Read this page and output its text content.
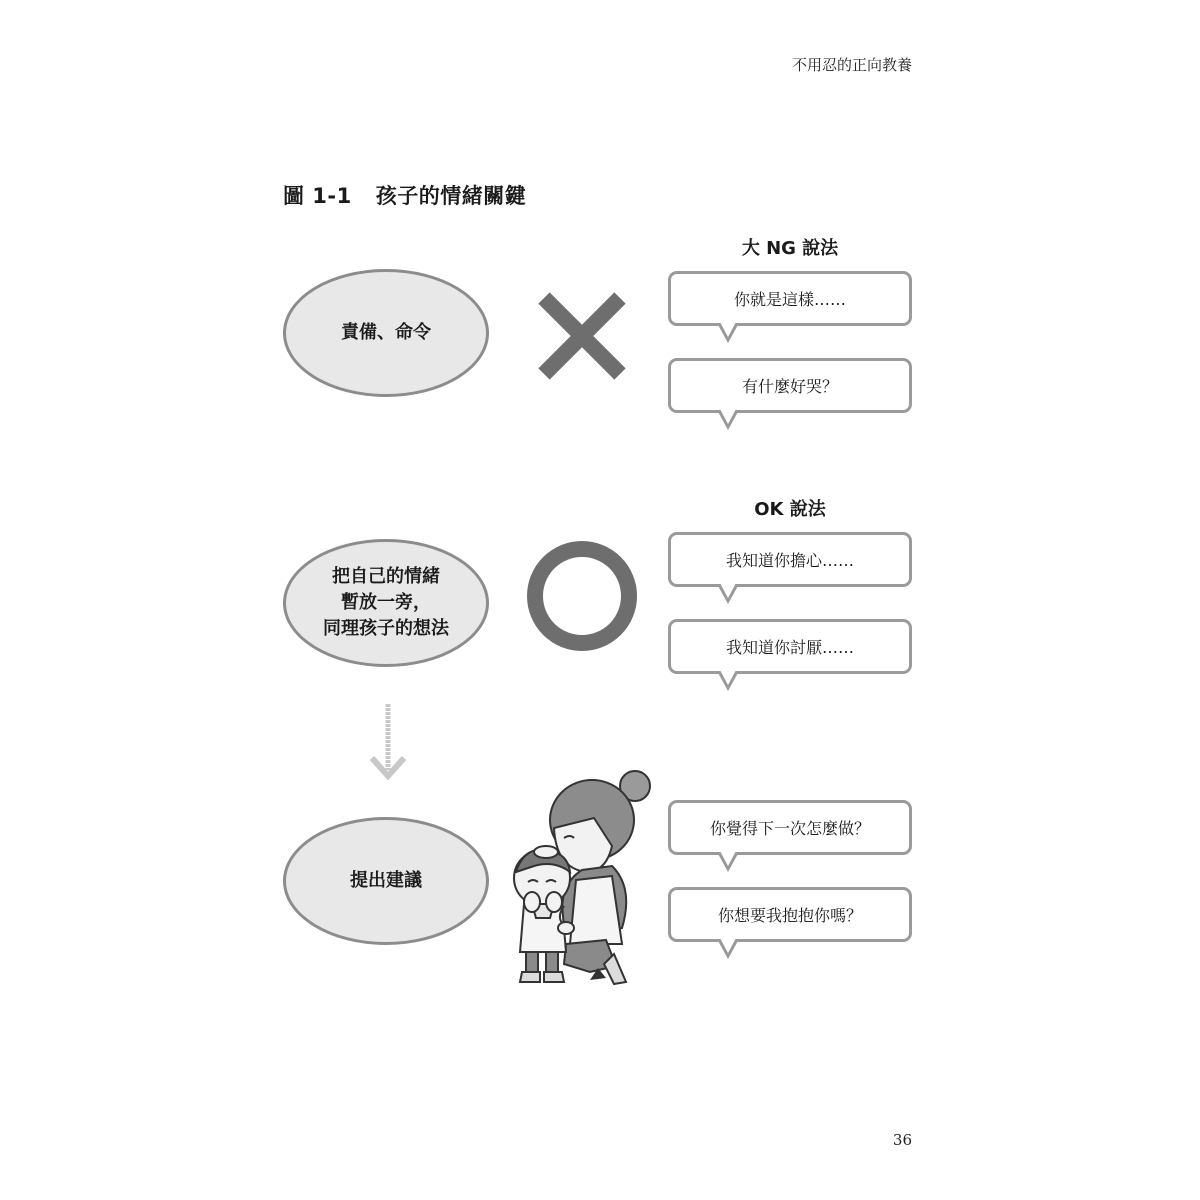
不用忍的正向教養
圖 1-1 孩子的情緒關鍵
大 NG 說法
責備、命令
你就是這樣……
有什麼好哭？
OK 說法
把自己的情緒
暫放一旁，
同理孩子的想法
我知道你擔心……
我知道你討厭……
提出建議
你覺得下一次怎麼做？
你想要我抱抱你嗎？
36
